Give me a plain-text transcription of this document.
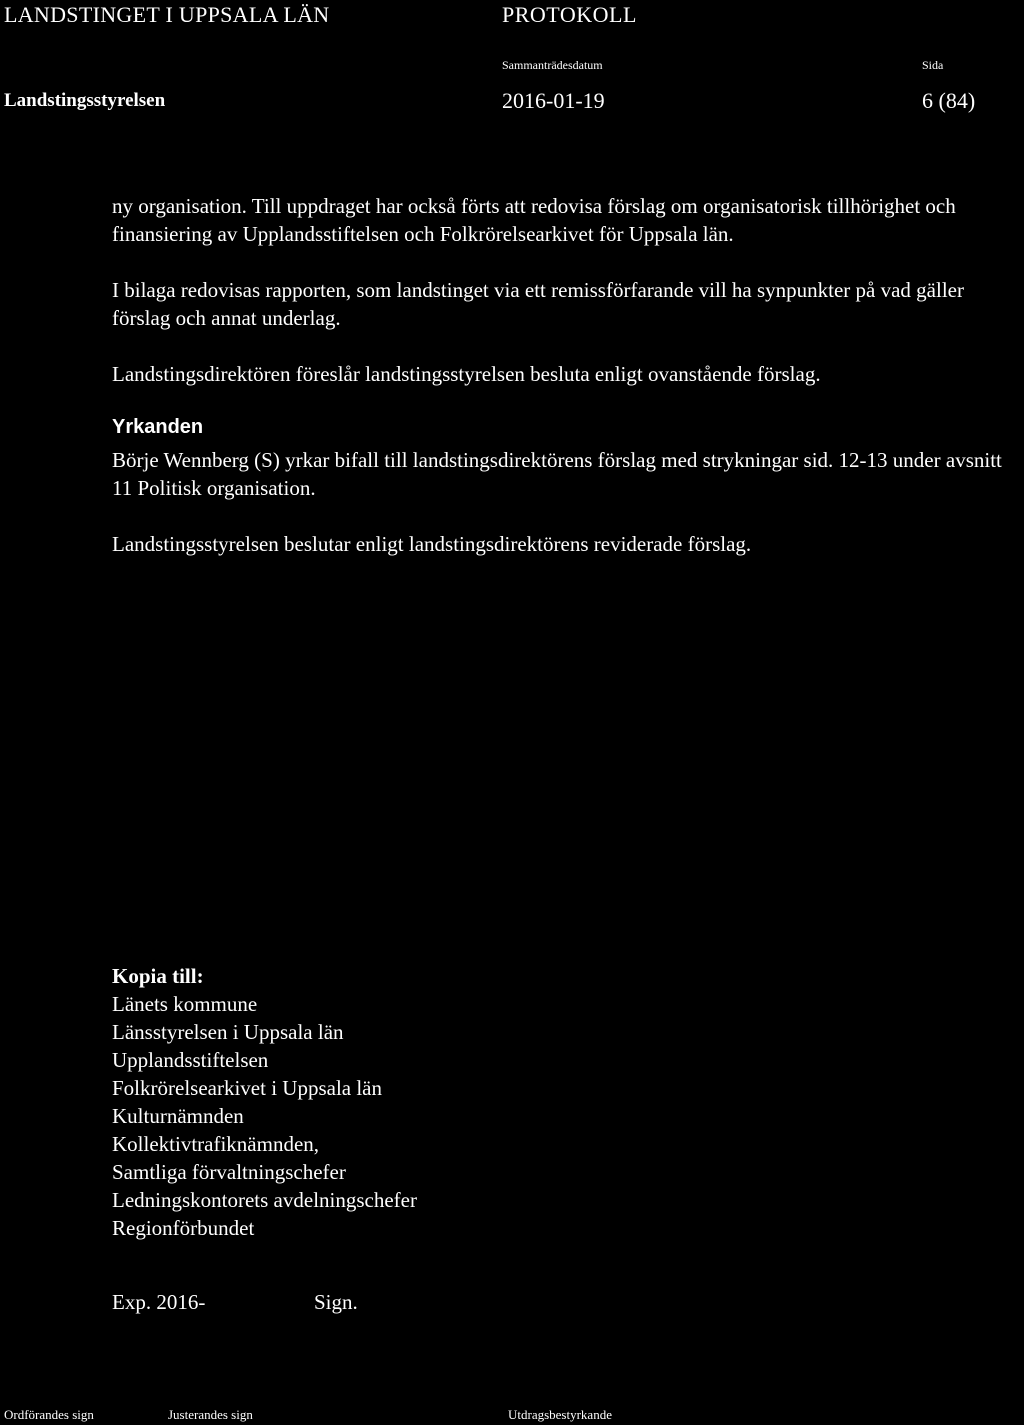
LANDSTINGET I UPPSALA LÄN	PROTOKOLL
Sammanträdesdatum	Sida
Landstingsstyrelsen	2016-01-19	6 (84)

ny organisation. Till uppdraget har också förts att redovisa förslag om organisatorisk tillhörighet och finansiering av Upplandsstiftelsen och Folkrörelsearkivet för Uppsala län.

I bilaga redovisas rapporten, som landstinget via ett remissförfarande vill ha synpunkter på vad gäller förslag och annat underlag.

Landstingsdirektören föreslår landstingsstyrelsen besluta enligt ovanstående förslag.

Yrkanden

Börje Wennberg (S) yrkar bifall till landstingsdirektörens förslag med strykningar sid. 12-13 under avsnitt 11 Politisk organisation.

Landstingsstyrelsen beslutar enligt landstingsdirektörens reviderade förslag.

Kopia till:
Länets kommune
Länsstyrelsen i Uppsala län
Upplandsstiftelsen
Folkrörelsearkivet i Uppsala län
Kulturnämnden
Kollektivtrafiknämnden,
Samtliga förvaltningschefer
Ledningskontorets avdelningschefer
Regionförbundet
Exp. 2016-	Sign.
Ordförandes sign	Justerandes sign	Utdragsbestyrkande
